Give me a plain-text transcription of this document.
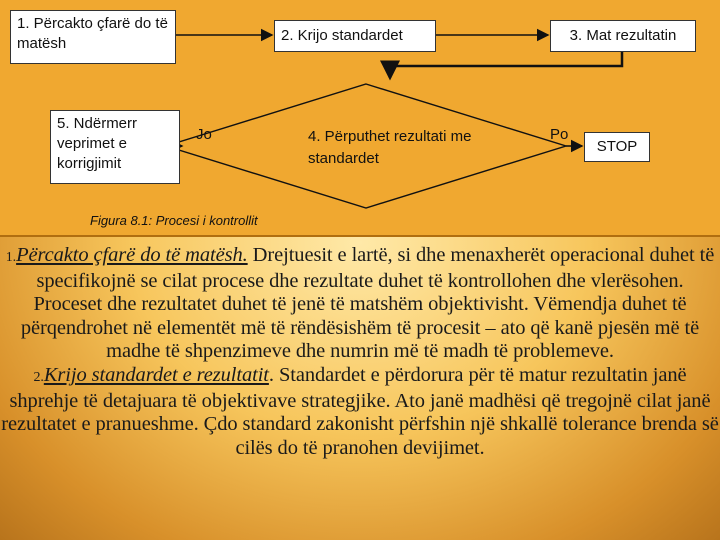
1. Përcakto çfarë do të matësh	2. Krijo standardet	3. Mat rezultatin
5. Ndërmerr veprimet e korrigjimit
STOP
4. Përputhet rezultati me standardet
Jo	Po
Figura 8.1: Procesi i kontrollit
1.Përcakto çfarë do të matësh. Drejtuesit e lartë, si dhe menaxherët operacional duhet të specifikojnë se cilat procese dhe rezultate duhet të kontrollohen dhe vlerësohen. Proceset dhe rezultatet duhet të jenë të matshëm objektivisht. Vëmendja duhet të përqendrohet në elementët më të rëndësishëm të procesit – ato që kanë pjesën më të madhe të shpenzimeve dhe numrin më të madh të problemeve.
2.Krijo standardet e rezultatit. Standardet e përdorura për të matur rezultatin janë shprehje të detajuara të objektivave strategjike. Ato janë madhësi që tregojnë cilat janë rezultatet e pranueshme. Çdo standard zakonisht përfshin një shkallë tolerance brenda së cilës do të pranohen devijimet.
